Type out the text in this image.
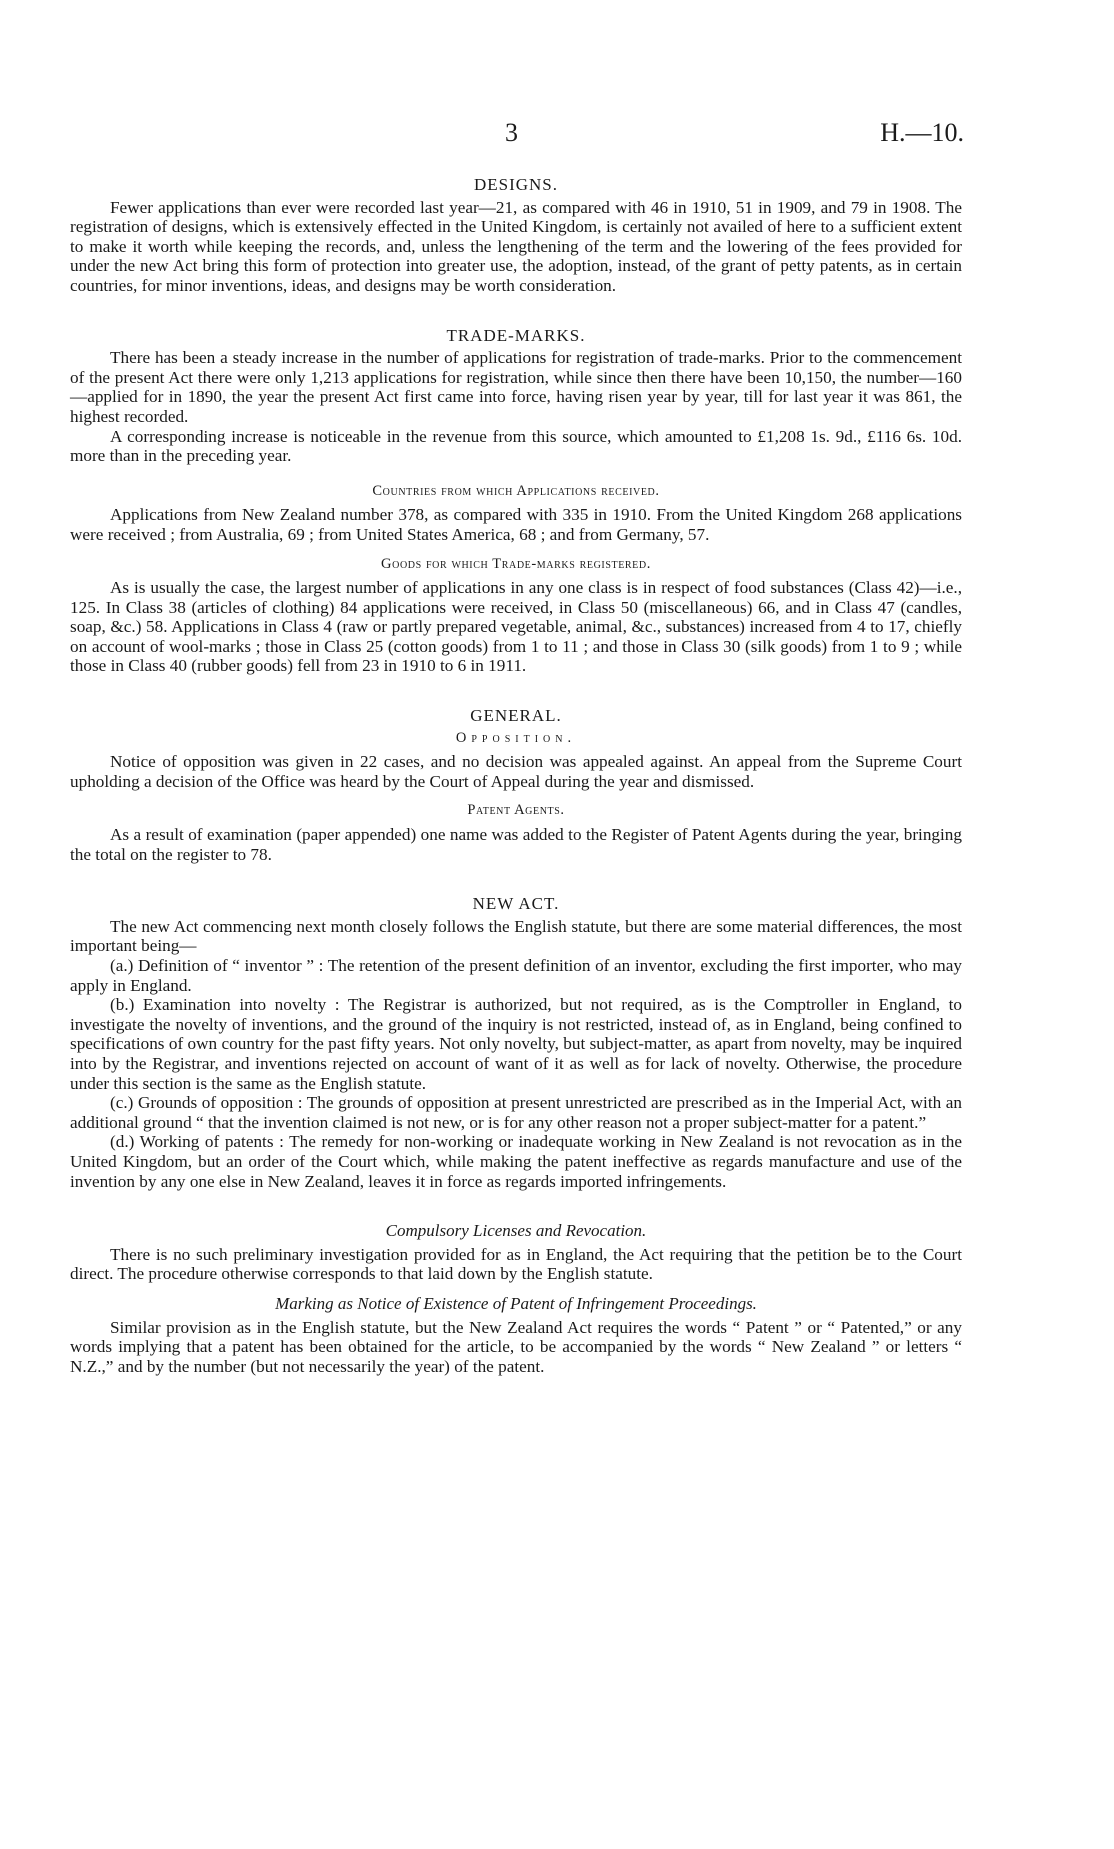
3	H.—10.
DESIGNS.

Fewer applications than ever were recorded last year—21, as compared with 46 in 1910, 51 in 1909, and 79 in 1908. The registration of designs, which is extensively effected in the United Kingdom, is certainly not availed of here to a sufficient extent to make it worth while keeping the records, and, unless the lengthening of the term and the lowering of the fees provided for under the new Act bring this form of protection into greater use, the adoption, instead, of the grant of petty patents, as in certain countries, for minor inventions, ideas, and designs may be worth consideration.

TRADE-MARKS.

There has been a steady increase in the number of applications for registration of trade-marks. Prior to the commencement of the present Act there were only 1,213 applications for registration, while since then there have been 10,150, the number—160—applied for in 1890, the year the present Act first came into force, having risen year by year, till for last year it was 861, the highest recorded.

A corresponding increase is noticeable in the revenue from this source, which amounted to £1,208 1s. 9d., £116 6s. 10d. more than in the preceding year.

Countries from which Applications received.

Applications from New Zealand number 378, as compared with 335 in 1910. From the United Kingdom 268 applications were received ; from Australia, 69 ; from United States America, 68 ; and from Germany, 57.

Goods for which Trade-marks registered.

As is usually the case, the largest number of applications in any one class is in respect of food substances (Class 42)—i.e., 125. In Class 38 (articles of clothing) 84 applications were received, in Class 50 (miscellaneous) 66, and in Class 47 (candles, soap, &c.) 58. Applications in Class 4 (raw or partly prepared vegetable, animal, &c., substances) increased from 4 to 17, chiefly on account of wool-marks ; those in Class 25 (cotton goods) from 1 to 11 ; and those in Class 30 (silk goods) from 1 to 9 ; while those in Class 40 (rubber goods) fell from 23 in 1910 to 6 in 1911.

GENERAL.
Opposition.

Notice of opposition was given in 22 cases, and no decision was appealed against. An appeal from the Supreme Court upholding a decision of the Office was heard by the Court of Appeal during the year and dismissed.

Patent Agents.

As a result of examination (paper appended) one name was added to the Register of Patent Agents during the year, bringing the total on the register to 78.

NEW ACT.

The new Act commencing next month closely follows the English statute, but there are some material differences, the most important being—

(a.) Definition of “ inventor ” : The retention of the present definition of an inventor, excluding the first importer, who may apply in England.

(b.) Examination into novelty : The Registrar is authorized, but not required, as is the Comptroller in England, to investigate the novelty of inventions, and the ground of the inquiry is not restricted, instead of, as in England, being confined to specifications of own country for the past fifty years. Not only novelty, but subject-matter, as apart from novelty, may be inquired into by the Registrar, and inventions rejected on account of want of it as well as for lack of novelty. Otherwise, the procedure under this section is the same as the English statute.

(c.) Grounds of opposition : The grounds of opposition at present unrestricted are prescribed as in the Imperial Act, with an additional ground “ that the invention claimed is not new, or is for any other reason not a proper subject-matter for a patent.”

(d.) Working of patents : The remedy for non-working or inadequate working in New Zealand is not revocation as in the United Kingdom, but an order of the Court which, while making the patent ineffective as regards manufacture and use of the invention by any one else in New Zealand, leaves it in force as regards imported infringements.

Compulsory Licenses and Revocation.

There is no such preliminary investigation provided for as in England, the Act requiring that the petition be to the Court direct. The procedure otherwise corresponds to that laid down by the English statute.

Marking as Notice of Existence of Patent of Infringement Proceedings.

Similar provision as in the English statute, but the New Zealand Act requires the words “ Patent ” or “ Patented,” or any words implying that a patent has been obtained for the article, to be accompanied by the words “ New Zealand ” or letters “ N.Z.,” and by the number (but not necessarily the year) of the patent.
